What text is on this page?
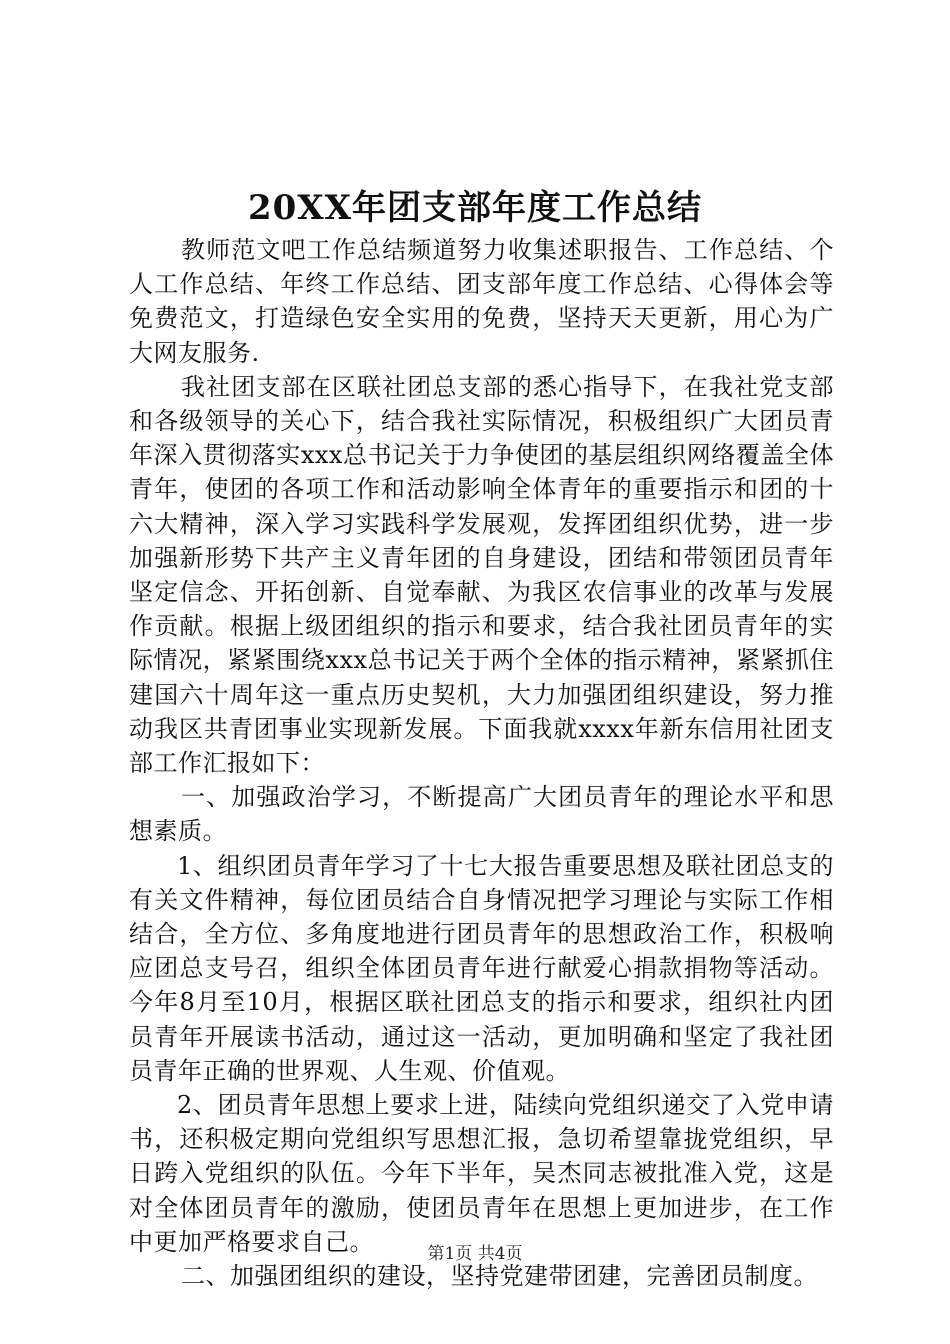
20XX年团支部年度工作总结

教师范文吧工作总结频道努力收集述职报告、工作总结、个人工作总结、年终工作总结、团支部年度工作总结、心得体会等免费范文，打造绿色安全实用的免费，坚持天天更新，用心为广大网友服务.

我社团支部在区联社团总支部的悉心指导下，在我社党支部和各级领导的关心下，结合我社实际情况，积极组织广大团员青年深入贯彻落实xxx总书记关于力争使团的基层组织网络覆盖全体青年，使团的各项工作和活动影响全体青年的重要指示和团的十六大精神，深入学习实践科学发展观，发挥团组织优势，进一步加强新形势下共产主义青年团的自身建设，团结和带领团员青年坚定信念、开拓创新、自觉奉献、为我区农信事业的改革与发展作贡献。根据上级团组织的指示和要求，结合我社团员青年的实际情况，紧紧围绕xxx总书记关于两个全体的指示精神，紧紧抓住建国六十周年这一重点历史契机，大力加强团组织建设，努力推动我区共青团事业实现新发展。下面我就xxxx年新东信用社团支部工作汇报如下：

一、加强政治学习，不断提高广大团员青年的理论水平和思想素质。

1、组织团员青年学习了十七大报告重要思想及联社团总支的有关文件精神，每位团员结合自身情况把学习理论与实际工作相结合，全方位、多角度地进行团员青年的思想政治工作，积极响应团总支号召，组织全体团员青年进行献爱心捐款捐物等活动。今年8月至10月，根据区联社团总支的指示和要求，组织社内团员青年开展读书活动，通过这一活动，更加明确和坚定了我社团员青年正确的世界观、人生观、价值观。

2、团员青年思想上要求上进，陆续向党组织递交了入党申请书，还积极定期向党组织写思想汇报，急切希望靠拢党组织，早日跨入党组织的队伍。今年下半年，吴杰同志被批准入党，这是对全体团员青年的激励，使团员青年在思想上更加进步，在工作中更加严格要求自己。

二、加强团组织的建设，坚持党建带团建，完善团员制度。

第1页 共4页
